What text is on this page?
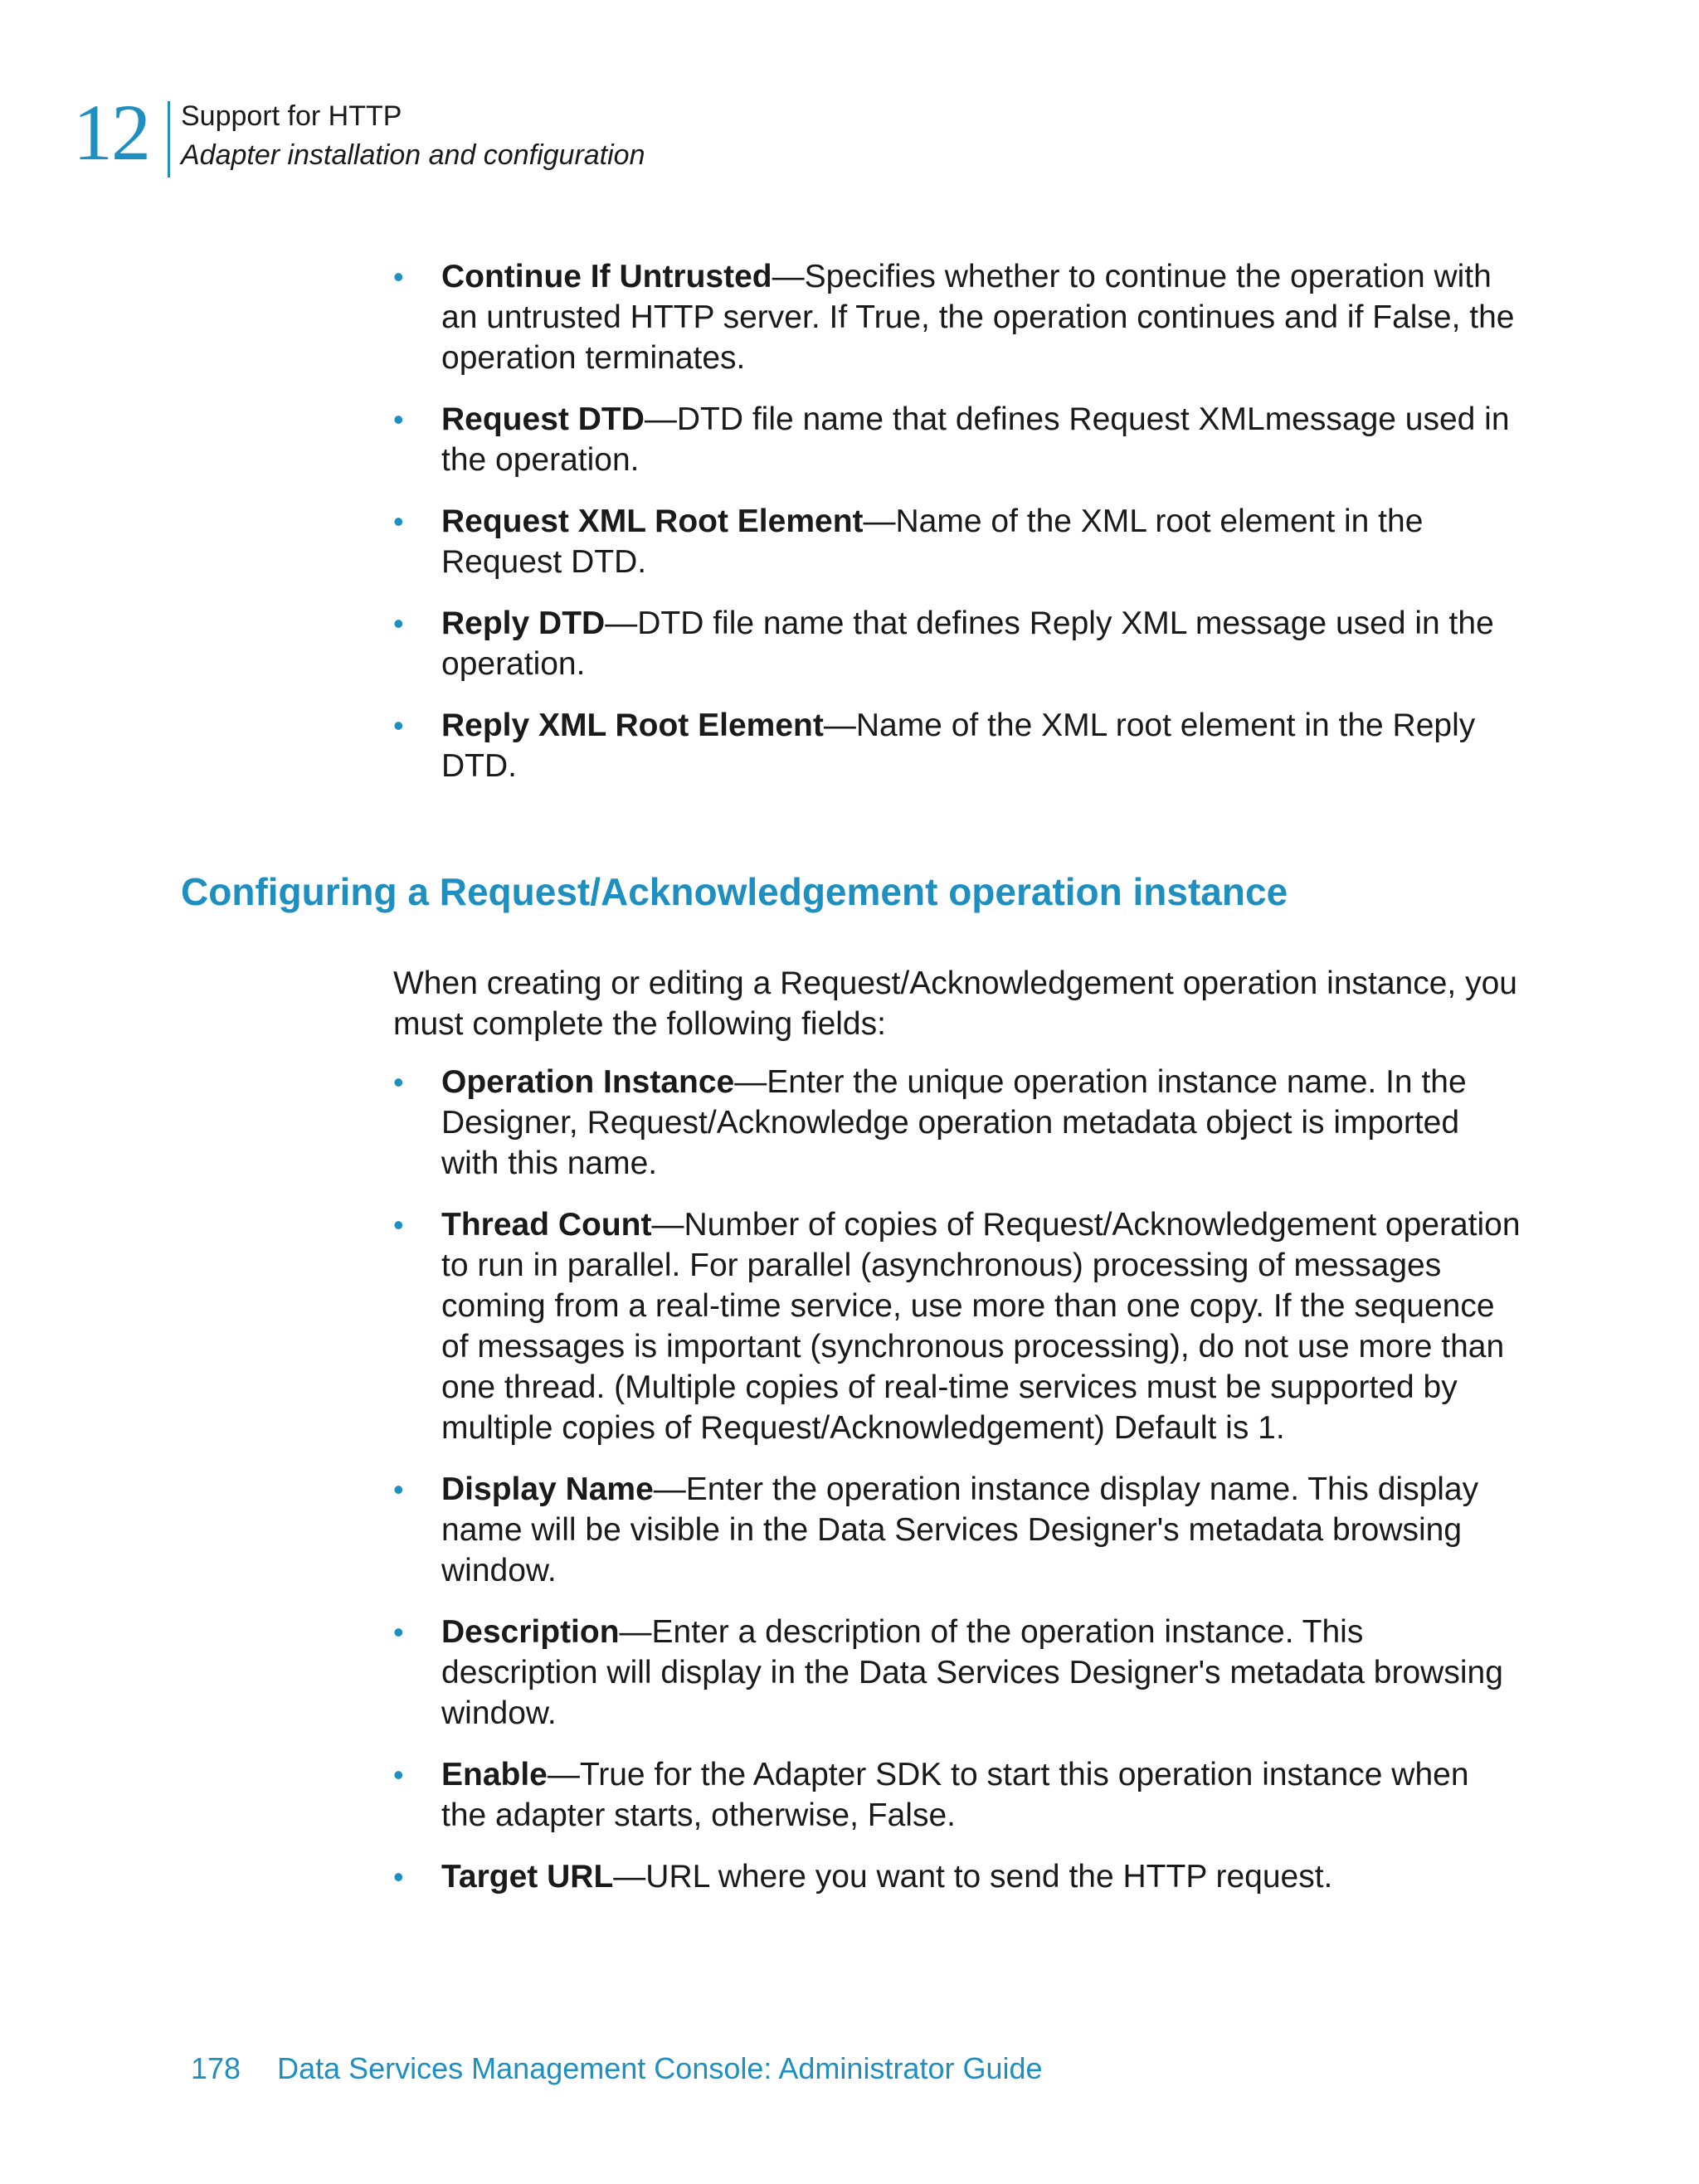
12 Support for HTTP
Adapter installation and configuration
• Continue If Untrusted—Specifies whether to continue the operation with an untrusted HTTP server. If True, the operation continues and if False, the operation terminates.
• Request DTD—DTD file name that defines Request XMLmessage used in the operation.
• Request XML Root Element—Name of the XML root element in the Request DTD.
• Reply DTD—DTD file name that defines Reply XML message used in the operation.
• Reply XML Root Element—Name of the XML root element in the Reply DTD.
Configuring a Request/Acknowledgement operation instance
When creating or editing a Request/Acknowledgement operation instance, you must complete the following fields:
• Operation Instance—Enter the unique operation instance name. In the Designer, Request/Acknowledge operation metadata object is imported with this name.
• Thread Count—Number of copies of Request/Acknowledgement operation to run in parallel. For parallel (asynchronous) processing of messages coming from a real-time service, use more than one copy. If the sequence of messages is important (synchronous processing), do not use more than one thread. (Multiple copies of real-time services must be supported by multiple copies of Request/Acknowledgement) Default is 1.
• Display Name—Enter the operation instance display name. This display name will be visible in the Data Services Designer's metadata browsing window.
• Description—Enter a description of the operation instance. This description will display in the Data Services Designer's metadata browsing window.
• Enable—True for the Adapter SDK to start this operation instance when the adapter starts, otherwise, False.
• Target URL—URL where you want to send the HTTP request.
178 Data Services Management Console: Administrator Guide
